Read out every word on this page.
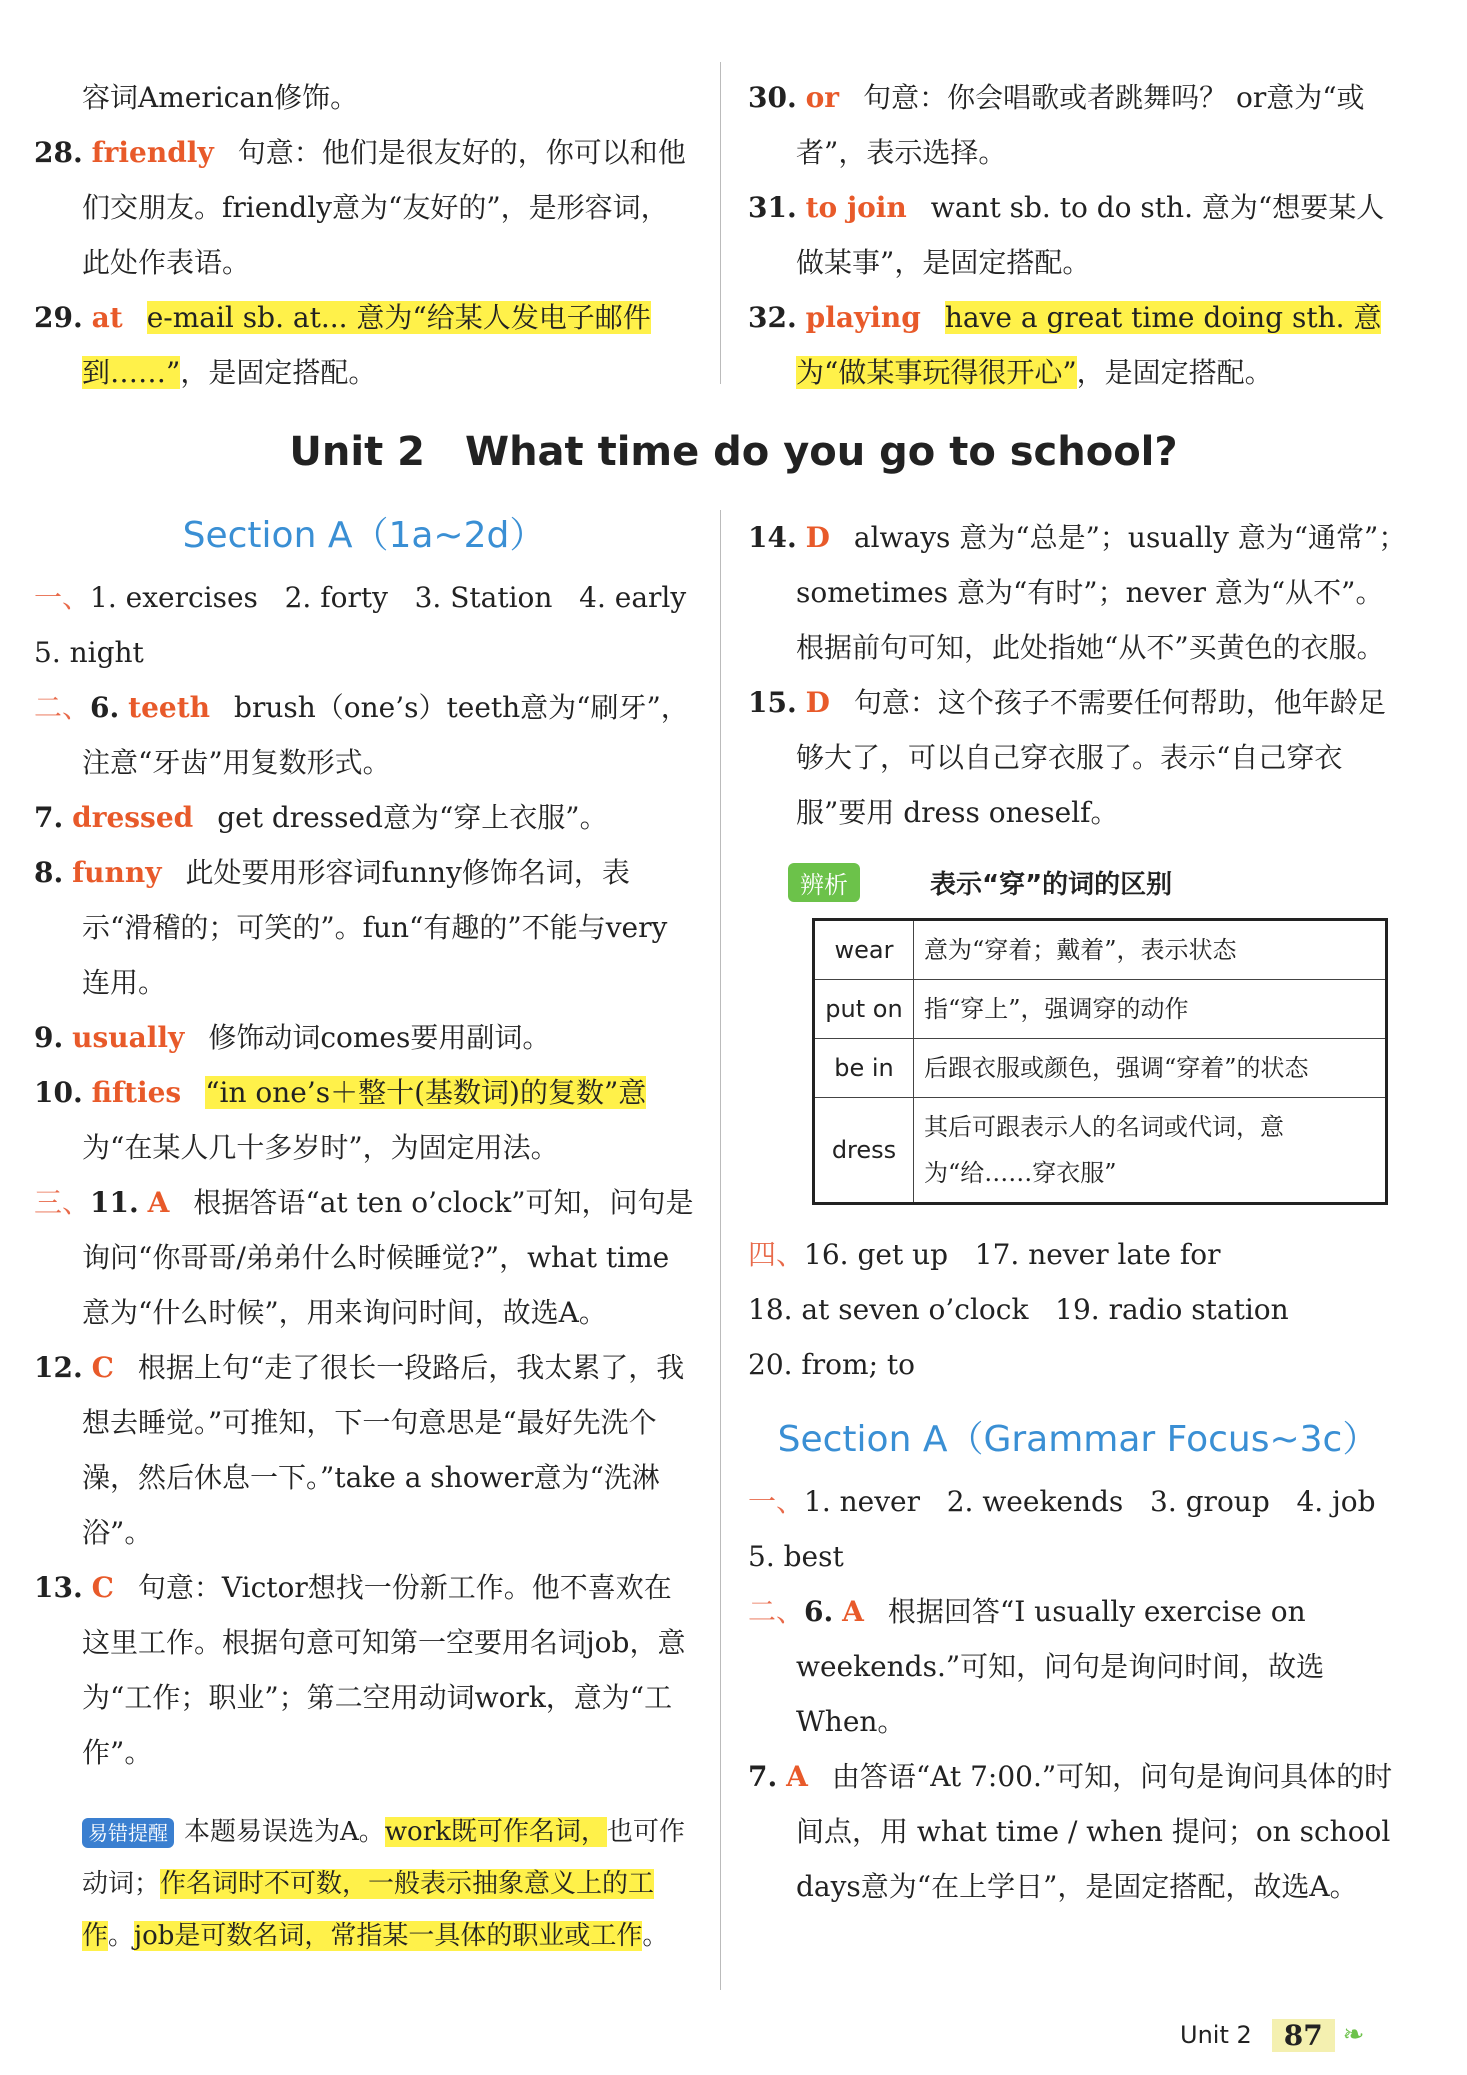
容词American修饰。

28. friendly 句意：他们是很友好的，你可以和他们交朋友。friendly意为“友好的”，是形容词，此处作表语。

29. at e-mail sb. at... 意为“给某人发电子邮件到……”，是固定搭配。

30. or 句意：你会唱歌或者跳舞吗？ or意为“或者”，表示选择。

31. to join want sb. to do sth. 意为“想要某人做某事”，是固定搭配。

32. playing have a great time doing sth. 意为“做某事玩得很开心”，是固定搭配。

Unit 2　What time do you go to school?
Section A（1a~2d）

一、1. exercises 2. forty 3. Station 4. early
5. night

二、6. teeth brush（one’s）teeth意为“刷牙”，注意“牙齿”用复数形式。

7. dressed get dressed意为“穿上衣服”。

8. funny 此处要用形容词funny修饰名词，表示“滑稽的；可笑的”。fun“有趣的”不能与very连用。

9. usually 修饰动词comes要用副词。

10. fifties “in one’s＋整十(基数词)的复数”意为“在某人几十多岁时”，为固定用法。

三、11. A 根据答语“at ten o’clock”可知，问句是询问“你哥哥/弟弟什么时候睡觉?”，what time意为“什么时候”，用来询问时间，故选A。

12. C 根据上句“走了很长一段路后，我太累了，我想去睡觉。”可推知，下一句意思是“最好先洗个澡，然后休息一下。”take a shower意为“洗淋浴”。

13. C 句意：Victor想找一份新工作。他不喜欢在这里工作。根据句意可知第一空要用名词job，意为“工作；职业”；第二空用动词work，意为“工作”。

易错提醒 本题易误选为A。work既可作名词，也可作动词；作名词时不可数，一般表示抽象意义上的工作。job是可数名词，常指某一具体的职业或工作。

14. D always 意为“总是”；usually 意为“通常”；sometimes 意为“有时”；never 意为“从不”。根据前句可知，此处指她“从不”买黄色的衣服。

15. D 句意：这个孩子不需要任何帮助，他年龄足够大了，可以自己穿衣服了。表示“自己穿衣服”要用 dress oneself。

辨析	表示“穿”的词的区别
wear	意为“穿着；戴着”，表示状态
put on	指“穿上”，强调穿的动作
be in	后跟衣服或颜色，强调“穿着”的状态
dress	其后可跟表示人的名词或代词，意为“给……穿衣服”

四、16. get up 17. never late for
18. at seven o’clock 19. radio station
20. from; to

Section A（Grammar Focus~3c）

一、1. never 2. weekends 3. group 4. job
5. best

二、6. A 根据回答“I usually exercise on weekends.”可知，问句是询问时间，故选 When。

7. A 由答语“At 7:00.”可知，问句是询问具体的时间点，用 what time / when 提问；on school days意为“在上学日”，是固定搭配，故选A。

Unit 2	87 ❧
